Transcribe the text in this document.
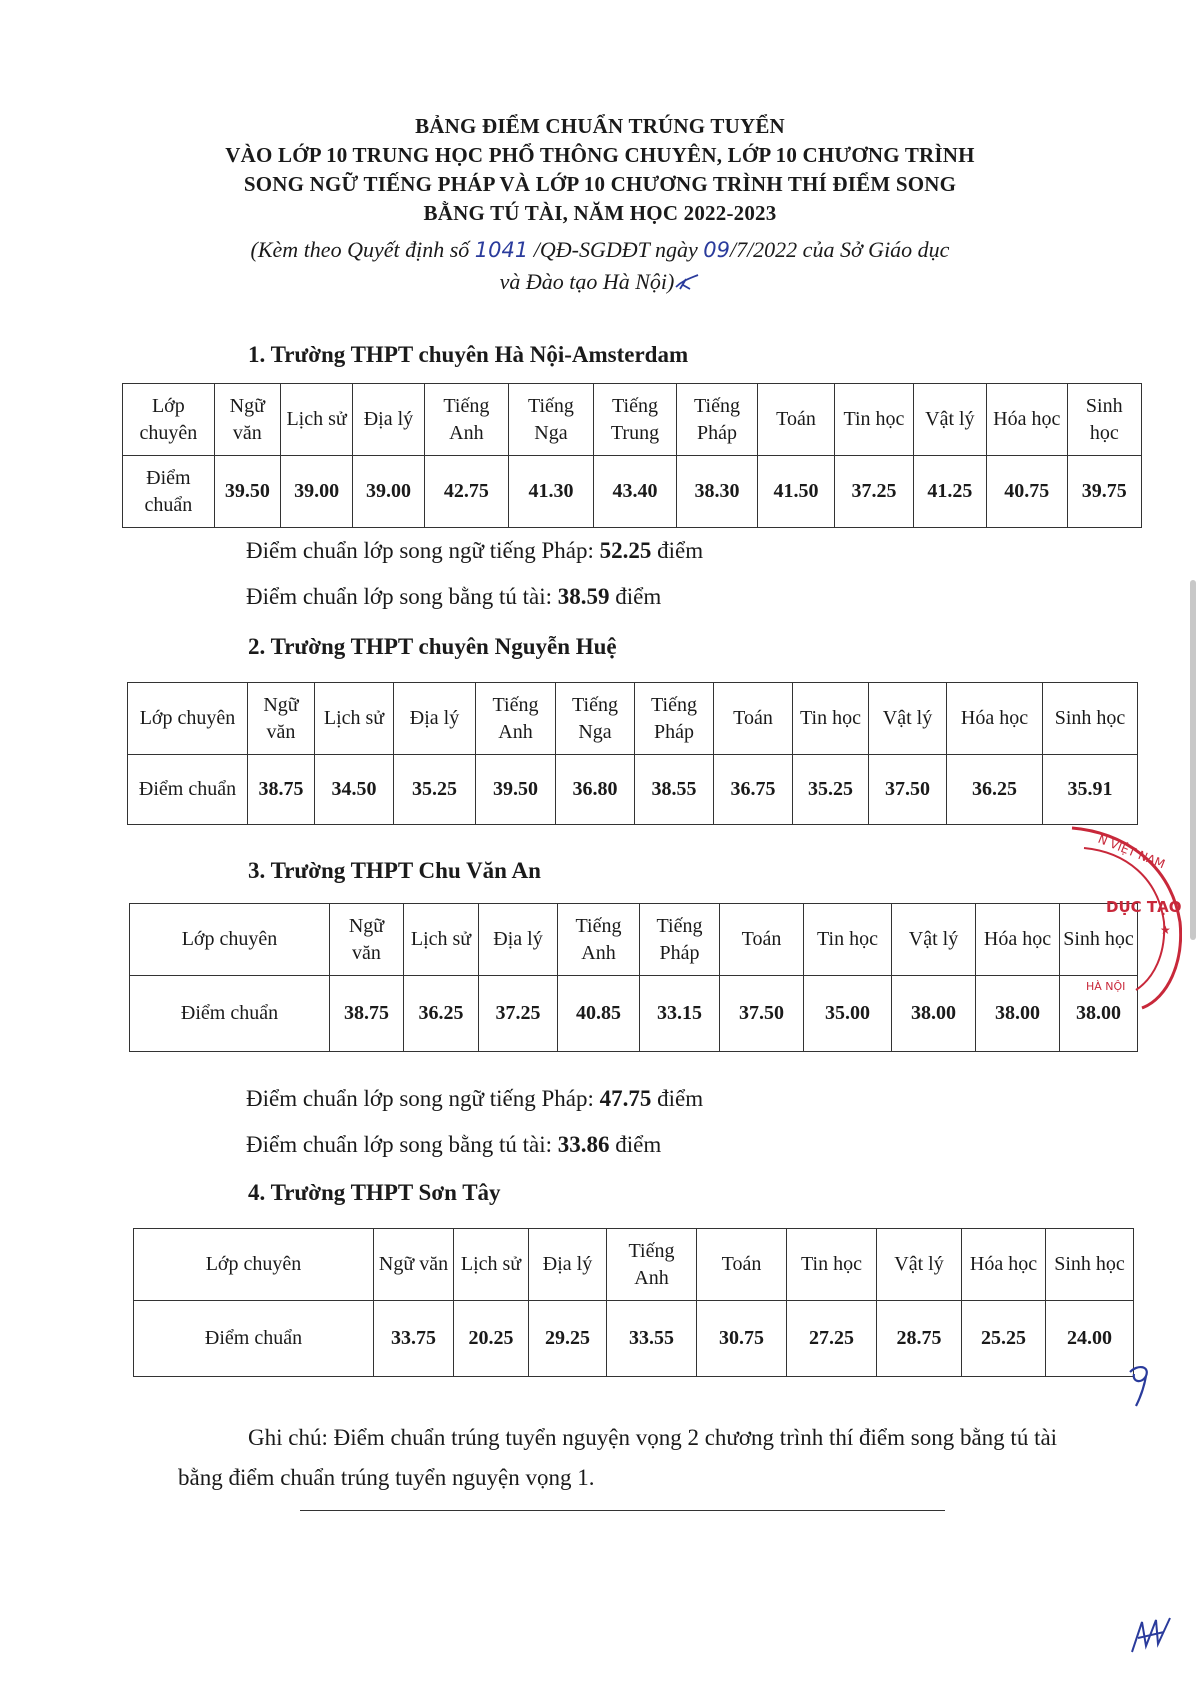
BẢNG ĐIỂM CHUẨN TRÚNG TUYỂN
VÀO LỚP 10 TRUNG HỌC PHỔ THÔNG CHUYÊN, LỚP 10 CHƯƠNG TRÌNH
SONG NGỮ TIẾNG PHÁP VÀ LỚP 10 CHƯƠNG TRÌNH THÍ ĐIỂM SONG
BẰNG TÚ TÀI, NĂM HỌC 2022-2023
(Kèm theo Quyết định số 1041 /QĐ-SGDĐT ngày 09/7/2022 của Sở Giáo dục
và Đào tạo Hà Nội)
1. Trường THPT chuyên Hà Nội-Amsterdam
Lớp chuyên	Ngữ văn	Lịch sử	Địa lý	Tiếng Anh	Tiếng Nga	Tiếng Trung	Tiếng Pháp	Toán	Tin học	Vật lý	Hóa học	Sinh học
Điểm chuẩn	39.50	39.00	39.00	42.75	41.30	43.40	38.30	41.50	37.25	41.25	40.75	39.75
Điểm chuẩn lớp song ngữ tiếng Pháp: 52.25 điểm
Điểm chuẩn lớp song bằng tú tài: 38.59 điểm
2. Trường THPT chuyên Nguyễn Huệ
Lớp chuyên	Ngữ văn	Lịch sử	Địa lý	Tiếng Anh	Tiếng Nga	Tiếng Pháp	Toán	Tin học	Vật lý	Hóa học	Sinh học
Điểm chuẩn	38.75	34.50	35.25	39.50	36.80	38.55	36.75	35.25	37.50	36.25	35.91
3. Trường THPT Chu Văn An
Lớp chuyên	Ngữ văn	Lịch sử	Địa lý	Tiếng Anh	Tiếng Pháp	Toán	Tin học	Vật lý	Hóa học	Sinh học
Điểm chuẩn	38.75	36.25	37.25	40.85	33.15	37.50	35.00	38.00	38.00	38.00
Điểm chuẩn lớp song ngữ tiếng Pháp: 47.75 điểm
Điểm chuẩn lớp song bằng tú tài: 33.86 điểm
4. Trường THPT Sơn Tây
Lớp chuyên	Ngữ văn	Lịch sử	Địa lý	Tiếng Anh	Toán	Tin học	Vật lý	Hóa học	Sinh học
Điểm chuẩn	33.75	20.25	29.25	33.55	30.75	27.25	28.75	25.25	24.00
Ghi chú: Điểm chuẩn trúng tuyển nguyện vọng 2 chương trình thí điểm song bằng tú tài bằng điểm chuẩn trúng tuyển nguyện vọng 1.
N VIỆT NAM
DỤC TẠO
HÀ NỘI
★
